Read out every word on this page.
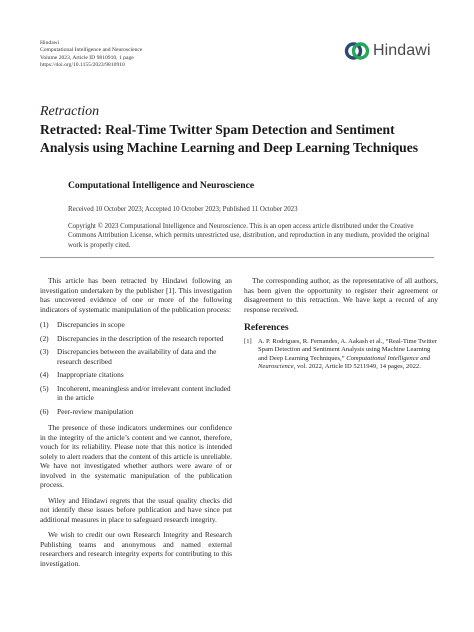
Hindawi
Computational Intelligence and Neuroscience
Volume 2023, Article ID 9810910, 1 page
https://doi.org/10.1155/2023/9810910
Hindawi
Retraction
Retracted: Real-Time Twitter Spam Detection and Sentiment Analysis using Machine Learning and Deep Learning Techniques
Computational Intelligence and Neuroscience
Received 10 October 2023; Accepted 10 October 2023; Published 11 October 2023
Copyright © 2023 Computational Intelligence and Neuroscience. This is an open access article distributed under the Creative Commons Attribution License, which permits unrestricted use, distribution, and reproduction in any medium, provided the original work is properly cited.

This article has been retracted by Hindawi following an investigation undertaken by the publisher [1]. This investigation has uncovered evidence of one or more of the following indicators of systematic manipulation of the publication process:

(1)	Discrepancies in scope
(2)	Discrepancies in the description of the research reported
(3)	Discrepancies between the availability of data and the research described
(4)	Inappropriate citations
(5)	Incoherent, meaningless and/or irrelevant content included in the article
(6)	Peer-review manipulation

The presence of these indicators undermines our confidence in the integrity of the article’s content and we cannot, therefore, vouch for its reliability. Please note that this notice is intended solely to alert readers that the content of this article is unreliable. We have not investigated whether authors were aware of or involved in the systematic manipulation of the publication process.

Wiley and Hindawi regrets that the usual quality checks did not identify these issues before publication and have since put additional measures in place to safeguard research integrity.

We wish to credit our own Research Integrity and Research Publishing teams and anonymous and named external researchers and research integrity experts for contributing to this investigation.

The corresponding author, as the representative of all authors, has been given the opportunity to register their agreement or disagreement to this retraction. We have kept a record of any response received.

References
[1] A. P. Rodrigues, R. Fernandes, A. Aakash et al., “Real-Time Twitter Spam Detection and Sentiment Analysis using Machine Learning and Deep Learning Techniques,” Computational Intelligence and Neuroscience, vol. 2022, Article ID 5211949, 14 pages, 2022.
